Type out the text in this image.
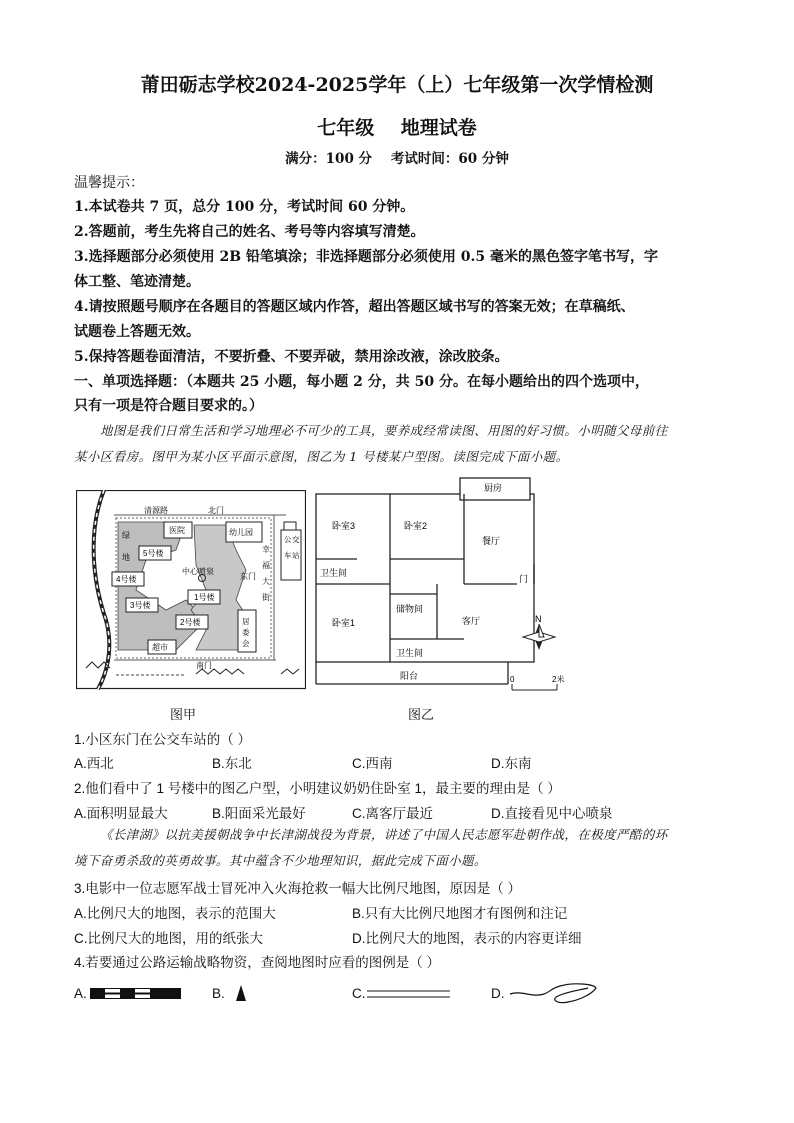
莆田砺志学校2024-2025学年（上）七年级第一次学情检测
七年级    地理试卷
满分：100 分    考试时间：60 分钟
温馨提示：
1.本试卷共 7 页，总分 100 分，考试时间 60 分钟。
2.答题前，考生先将自己的姓名、考号等内容填写清楚。
3.选择题部分必须使用 2B 铅笔填涂；非选择题部分必须使用 0.5 毫米的黑色签字笔书写，字
体工整、笔迹清楚。
4.请按照题号顺序在各题目的答题区域内作答，超出答题区域书写的答案无效；在草稿纸、
试题卷上答题无效。
5.保持答题卷面清洁，不要折叠、不要弄破，禁用涂改液，涂改胶条。
一、单项选择题：（本题共 25 小题，每小题 2 分，共 50 分。在每小题给出的四个选项中，
只有一项是符合题目要求的。）
地图是我们日常生活和学习地理必不可少的工具，要养成经常读图、用图的好习惯。小明随父母前往
某小区看房。图甲为某小区平面示意图，图乙为 1 号楼某户型图。读图完成下面小题。
清源路	北门
医院	幼儿园
绿
地 5号楼
4号楼
中心喷泉
3号楼
1号楼
2号楼
东门
幸
福
大
街
公 交
车 站
居
委
会
超市
南门
图甲
厨房
卧室3	卧室2
餐厅
卫生间
门
储物间
卧室1	客厅
卫生间
阳台
N
0	2米
图乙
1.小区东门在公交车站的（ ）
A.西北	B.东北	C.西南	D.东南
2.他们看中了 1 号楼中的图乙户型，小明建议奶奶住卧室 1，最主要的理由是（ ）
A.面积明显最大	B.阳面采光最好	C.离客厅最近	D.直接看见中心喷泉
《长津湖》以抗美援朝战争中长津湖战役为背景，讲述了中国人民志愿军赴朝作战，在极度严酷的环
境下奋勇杀敌的英勇故事。其中蕴含不少地理知识，据此完成下面小题。
3.电影中一位志愿军战士冒死冲入火海抢救一幅大比例尺地图，原因是（ ）
A.比例尺大的地图，表示的范围大	B.只有大比例尺地图才有图例和注记
C.比例尺大的地图，用的纸张大	D.比例尺大的地图，表示的内容更详细
4.若要通过公路运输战略物资，查阅地图时应看的图例是（ ）
A.	B.	C.	D.
